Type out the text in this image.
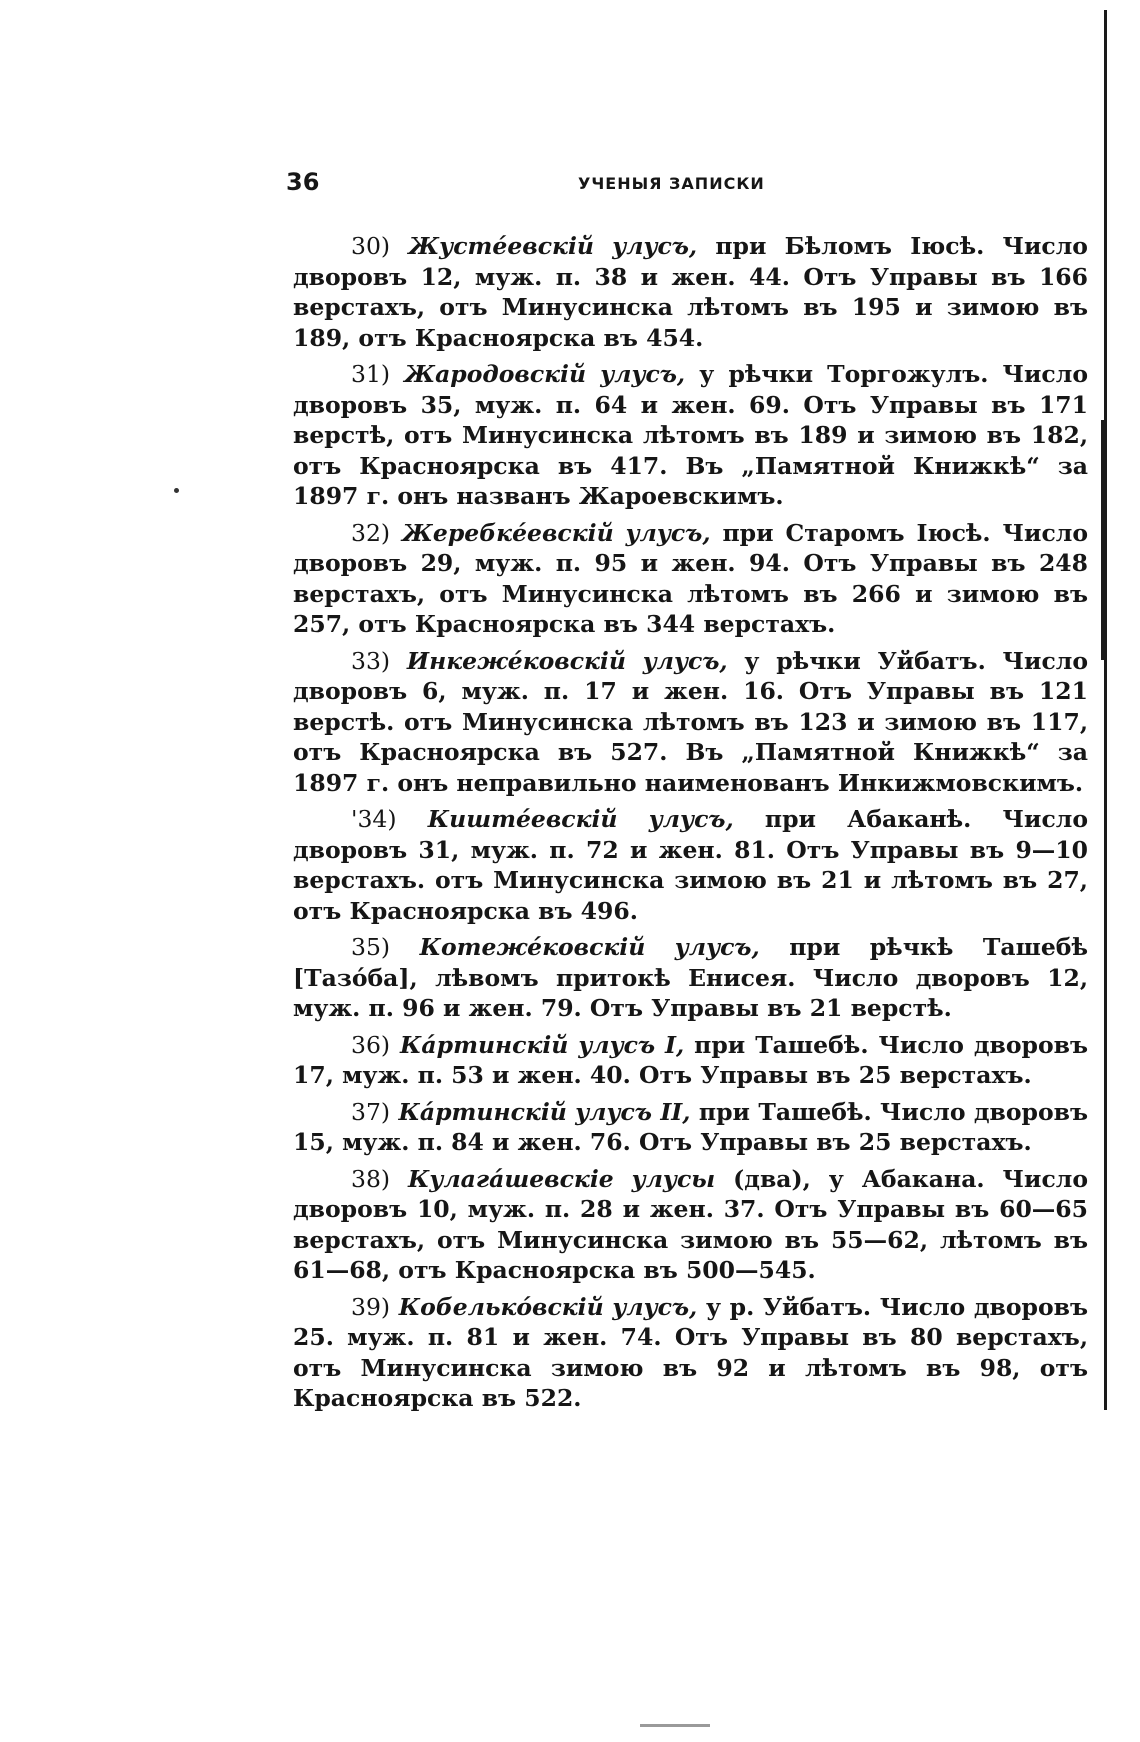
36	УЧЕНЫЯ ЗАПИСКИ

30) Жустéевскій улусъ, при Бѣломъ Іюсѣ. Число дворовъ 12, муж. п. 38 и жен. 44. Отъ Управы въ 166 верстахъ, отъ Минусинска лѣтомъ въ 195 и зимою въ 189, отъ Красноярска въ 454.

31) Жародовскій улусъ, у рѣчки Торгожулъ. Число дворовъ 35, муж. п. 64 и жен. 69. Отъ Управы въ 171 верстѣ, отъ Минусинска лѣтомъ въ 189 и зимою въ 182, отъ Красноярска въ 417. Въ „Памятной Книжкѣ“ за 1897 г. онъ названъ Жароевскимъ.

32) Жеребкéевскій улусъ, при Старомъ Іюсѣ. Число дворовъ 29, муж. п. 95 и жен. 94. Отъ Управы въ 248 верстахъ, отъ Минусинска лѣтомъ въ 266 и зимою въ 257, отъ Красноярска въ 344 верстахъ.

33) Инкежéковскій улусъ, у рѣчки Уйбатъ. Число дворовъ 6, муж. п. 17 и жен. 16. Отъ Управы въ 121 верстѣ. отъ Минусинска лѣтомъ въ 123 и зимою въ 117, отъ Красноярска въ 527. Въ „Памятной Книжкѣ“ за 1897 г. онъ неправильно наименованъ Инкижмовскимъ.

'34) Киштéевскій улусъ, при Абаканѣ. Число дворовъ 31, муж. п. 72 и жен. 81. Отъ Управы въ 9—10 верстахъ. отъ Минусинска зимою въ 21 и лѣтомъ въ 27, отъ Красноярска въ 496.

35) Котежéковскій улусъ, при рѣчкѣ Ташебѣ [Тазóба], лѣвомъ притокѣ Енисея. Число дворовъ 12, муж. п. 96 и жен. 79. Отъ Управы въ 21 верстѣ.

36) Кáртинскій улусъ I, при Ташебѣ. Число дворовъ 17, муж. п. 53 и жен. 40. Отъ Управы въ 25 верстахъ.

37) Кáртинскій улусъ II, при Ташебѣ. Число дворовъ 15, муж. п. 84 и жен. 76. Отъ Управы въ 25 верстахъ.

38) Кулагáшевскіе улусы (два), у Абакана. Число дворовъ 10, муж. п. 28 и жен. 37. Отъ Управы въ 60—65 верстахъ, отъ Минусинска зимою въ 55—62, лѣтомъ въ 61—68, отъ Красноярска въ 500—545.

39) Кобелькóвскій улусъ, у р. Уйбатъ. Число дворовъ 25. муж. п. 81 и жен. 74. Отъ Управы въ 80 верстахъ, отъ Минусинска зимою въ 92 и лѣтомъ въ 98, отъ Красноярска въ 522.
